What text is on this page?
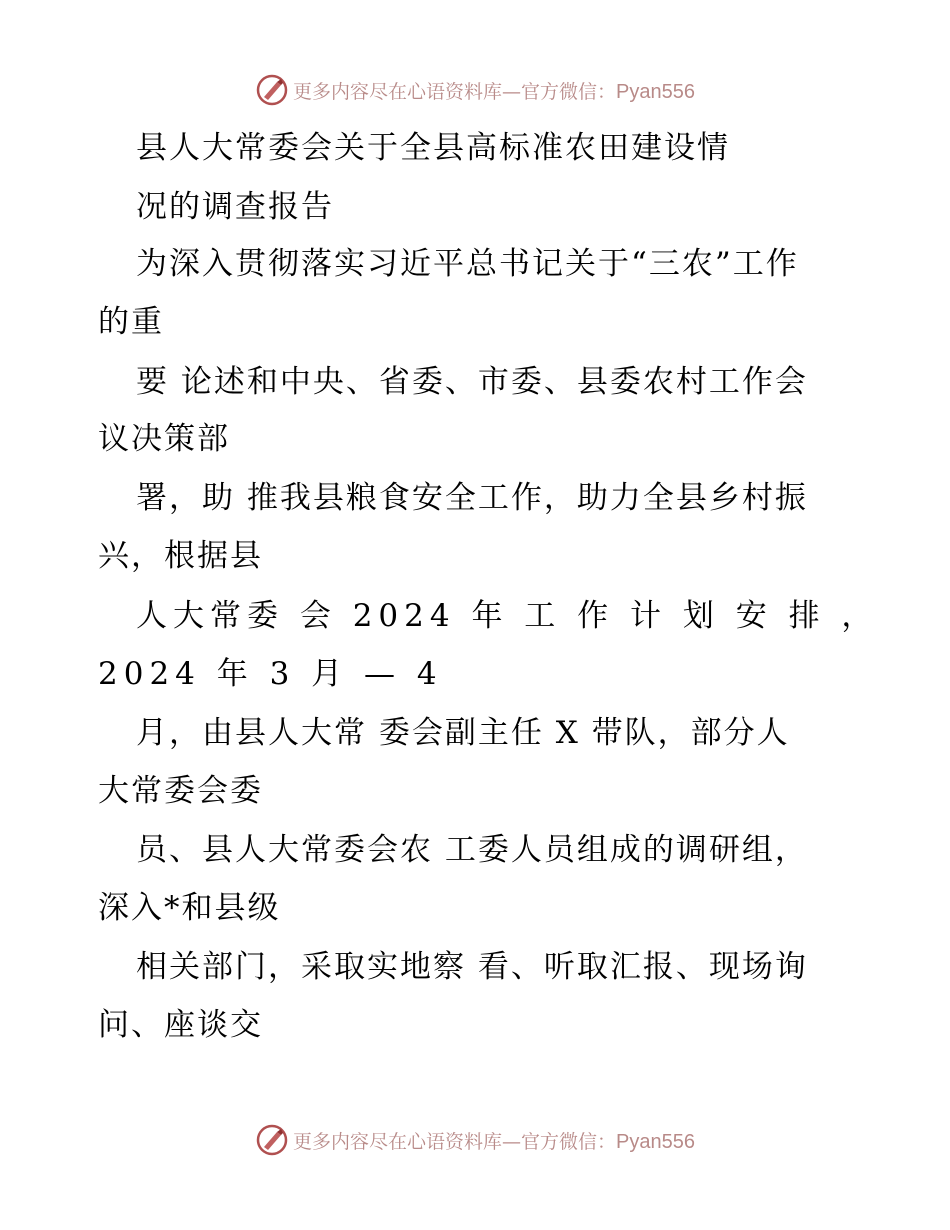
更多内容尽在心语资料库—官方微信：Pyan556
县人大常委会关于全县高标准农田建设情
况的调查报告
为深入贯彻落实习近平总书记关于“三农”工作
的重
要 论述和中央、省委、市委、县委农村工作会
议决策部
署，助 推我县粮食安全工作，助力全县乡村振
兴，根据县
人大常委 会 2024 年 工 作 计 划 安 排 ，
2024 年 3 月 — 4
月，由县人大常 委会副主任 X 带队，部分人
大常委会委
员、县人大常委会农 工委人员组成的调研组，
深入*和县级
相关部门，采取实地察 看、听取汇报、现场询
问、座谈交
更多内容尽在心语资料库—官方微信：Pyan556
